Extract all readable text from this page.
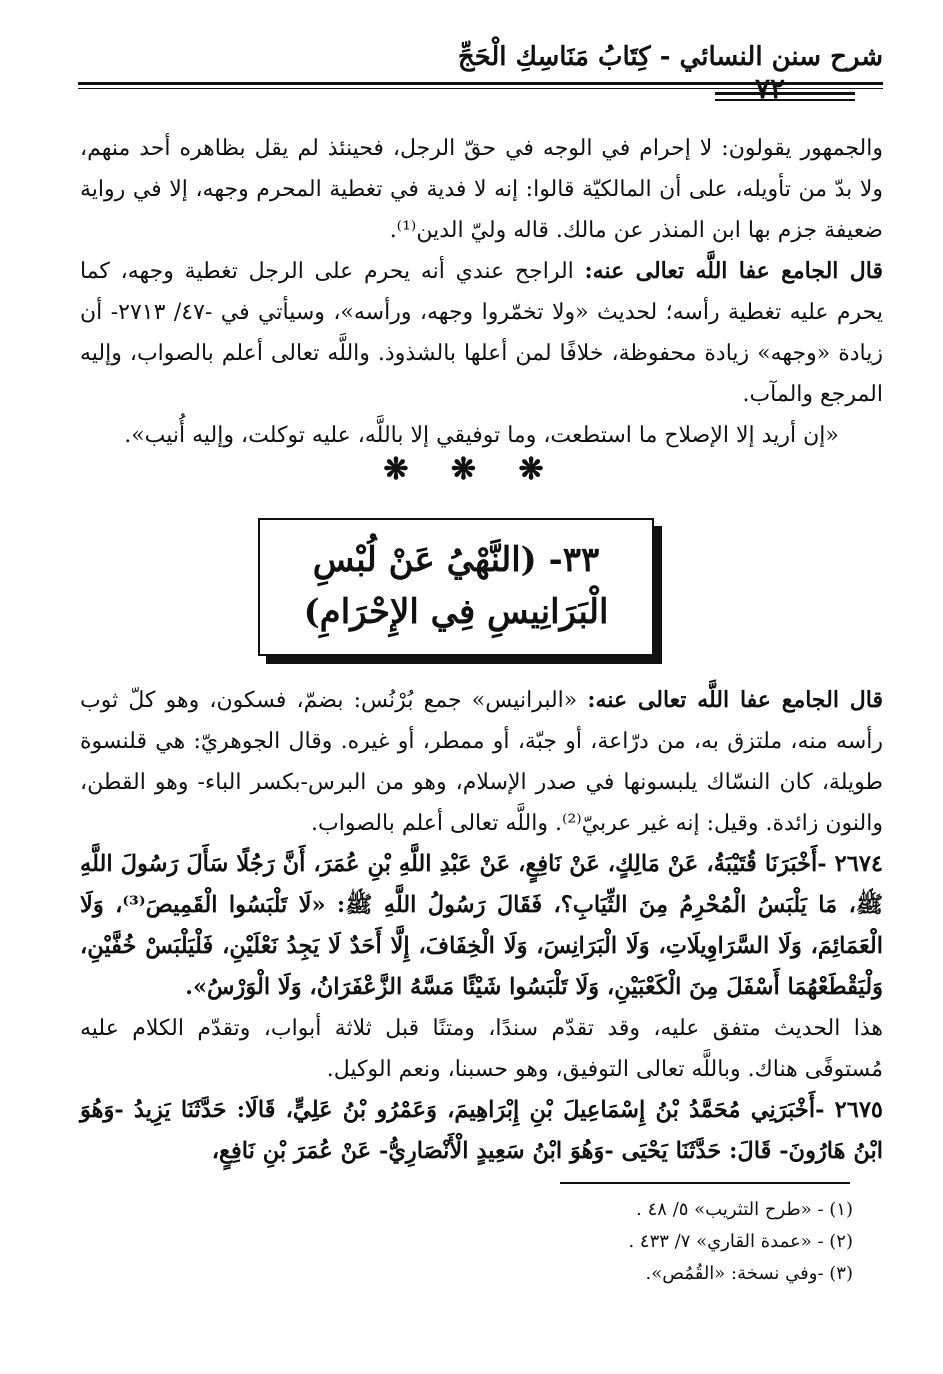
شرح سنن النسائي - كِتَابُ مَنَاسِكِ الْحَجِّ
٧٢

والجمهور يقولون: لا إحرام في الوجه في حقّ الرجل، فحينئذ لم يقل بظاهره أحد منهم، ولا بدّ من تأويله، على أن المالكيّة قالوا: إنه لا فدية في تغطية المحرم وجهه، إلا في رواية ضعيفة جزم بها ابن المنذر عن مالك. قاله وليّ الدين⁽¹⁾.

قال الجامع عفا اللَّه تعالى عنه: الراجح عندي أنه يحرم على الرجل تغطية وجهه، كما يحرم عليه تغطية رأسه؛ لحديث «ولا تخمّروا وجهه، ورأسه»، وسيأتي في -٤٧/ ٢٧١٣- أن زيادة «وجهه» زيادة محفوظة، خلافًا لمن أعلها بالشذوذ. واللَّه تعالى أعلم بالصواب، وإليه المرجع والمآب.

«إن أريد إلا الإصلاح ما استطعت، وما توفيقي إلا باللَّه، عليه توكلت، وإليه أُنيب».

❋ ❋ ❋
٣٣- (النَّهْيُ عَنْ لُبْسِ الْبَرَانِيسِ فِي الإِحْرَامِ)

قال الجامع عفا اللَّه تعالى عنه: «البرانيس» جمع بُرْنُس: بضمّ، فسكون، وهو كلّ ثوب رأسه منه، ملتزق به، من درّاعة، أو جبّة، أو ممطر، أو غيره. وقال الجوهريّ: هي قلنسوة طويلة، كان النسّاك يلبسونها في صدر الإسلام، وهو من البرس-بكسر الباء- وهو القطن، والنون زائدة. وقيل: إنه غير عربيّ⁽²⁾. واللَّه تعالى أعلم بالصواب.

٢٦٧٤ -أَخْبَرَنَا قُتَيْبَةُ، عَنْ مَالِكٍ، عَنْ نَافِعٍ، عَنْ عَبْدِ اللَّهِ بْنِ عُمَرَ، أَنَّ رَجُلًا سَأَلَ رَسُولَ اللَّهِ ﷺ، مَا يَلْبَسُ الْمُحْرِمُ مِنَ الثِّيَابِ؟، فَقَالَ رَسُولُ اللَّهِ ﷺ: «لَا تَلْبَسُوا الْقَمِيصَ⁽³⁾، وَلَا الْعَمَائِمَ، وَلَا السَّرَاوِيلَاتِ، وَلَا الْبَرَانِسَ، وَلَا الْخِفَافَ، إِلَّا أَحَدٌ لَا يَجِدُ نَعْلَيْنِ، فَلْيَلْبَسْ خُفَّيْنِ، وَلْيَقْطَعْهُمَا أَسْفَلَ مِنَ الْكَعْبَيْنِ، وَلَا تَلْبَسُوا شَيْئًا مَسَّهُ الزَّعْفَرَانُ، وَلَا الْوَرْسُ».

هذا الحديث متفق عليه، وقد تقدّم سندًا، ومتنًا قبل ثلاثة أبواب، وتقدّم الكلام عليه مُستوفًى هناك. وباللَّه تعالى التوفيق، وهو حسبنا، ونعم الوكيل.

٢٦٧٥ -أَخْبَرَنِي مُحَمَّدُ بْنُ إِسْمَاعِيلَ بْنِ إِبْرَاهِيمَ، وَعَمْرُو بْنُ عَلِيٍّ، قَالَا: حَدَّثَنَا يَزِيدُ -وَهُوَ ابْنُ هَارُونَ- قَالَ: حَدَّثَنَا يَحْيَى -وَهُوَ ابْنُ سَعِيدٍ الْأَنْصَارِيُّ- عَنْ عُمَرَ بْنِ نَافِعٍ،

(١) - «طرح التثريب» ٥/ ٤٨ .
(٢) - «عمدة القاري» ٧/ ٤٣٣ .
(٣) -وفي نسخة: «القُمُص».
